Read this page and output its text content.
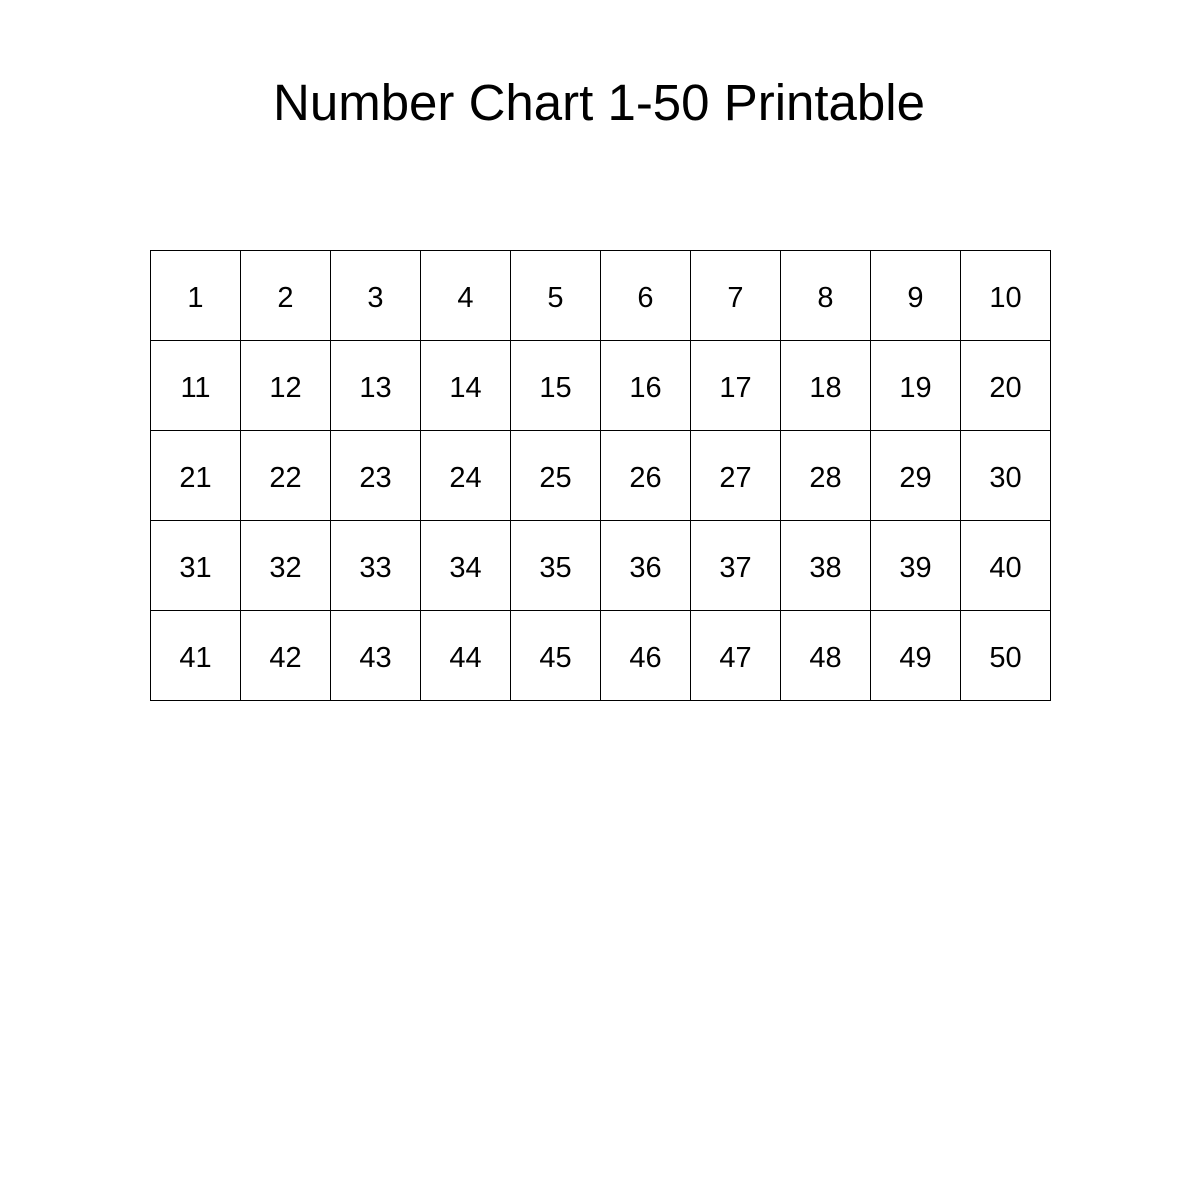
Number Chart 1-50 Printable
1	2	3	4	5	6	7	8	9	10
11	12	13	14	15	16	17	18	19	20
21	22	23	24	25	26	27	28	29	30
31	32	33	34	35	36	37	38	39	40
41	42	43	44	45	46	47	48	49	50
